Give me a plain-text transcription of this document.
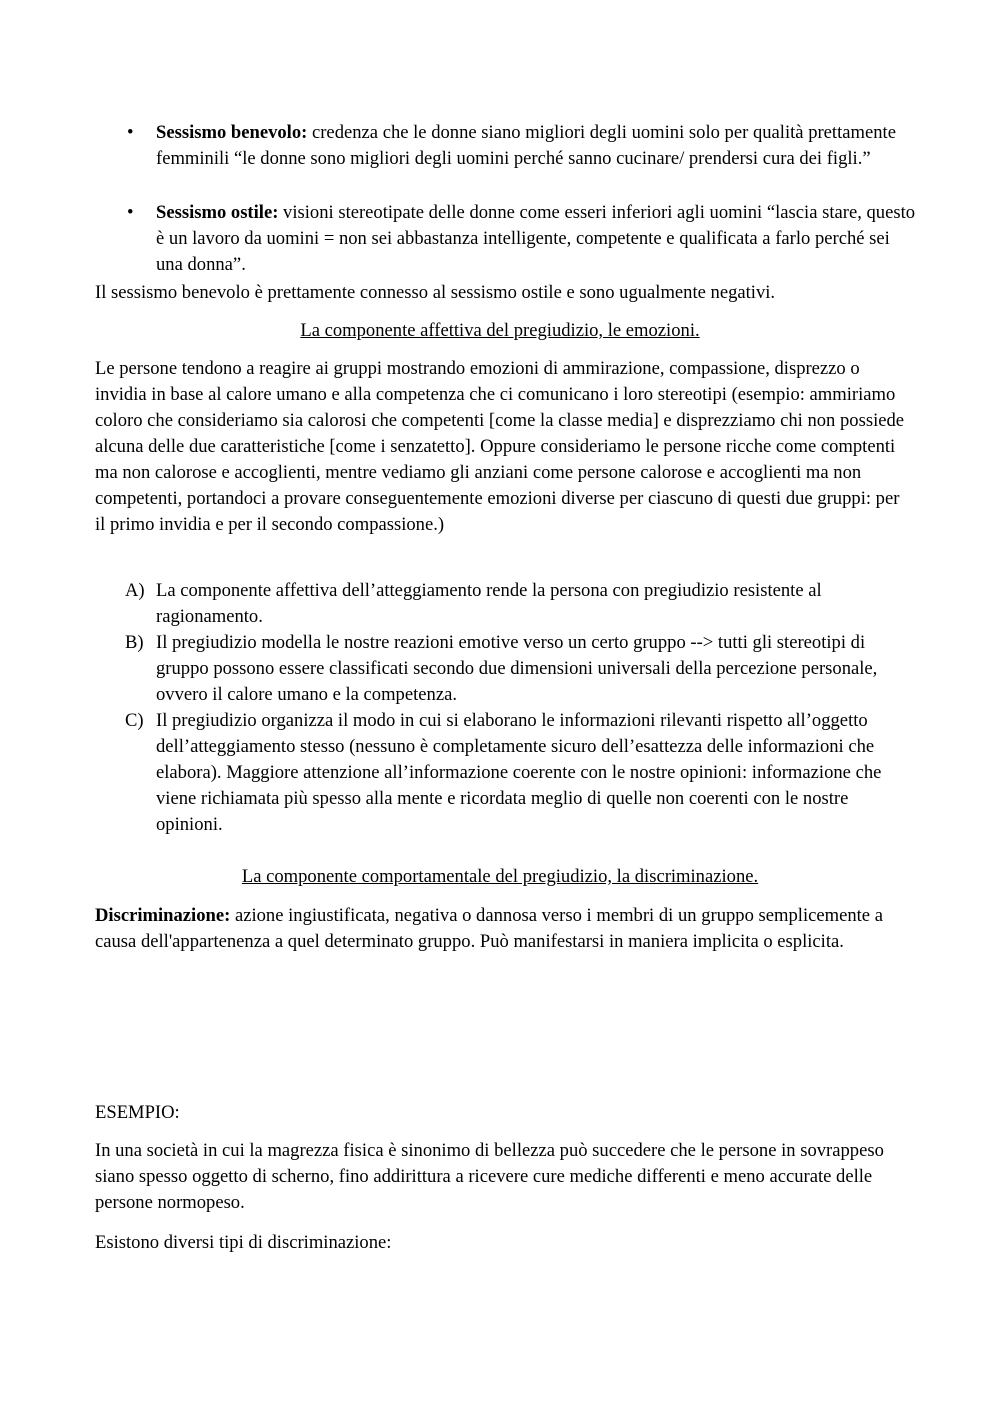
•	Sessismo benevolo: credenza che le donne siano migliori degli uomini solo per qualità prettamente femminili “le donne sono migliori degli uomini perché sanno cucinare/ prendersi cura dei figli.”

•	Sessismo ostile: visioni stereotipate delle donne come esseri inferiori agli uomini “lascia stare, questo è un lavoro da uomini = non sei abbastanza intelligente, competente e qualificata a farlo perché sei una donna”.

Il sessismo benevolo è prettamente connesso al sessismo ostile e sono ugualmente negativi.

La componente affettiva del pregiudizio, le emozioni.

Le persone tendono a reagire ai gruppi mostrando emozioni di ammirazione, compassione, disprezzo o invidia in base al calore umano e alla competenza che ci comunicano i loro stereotipi (esempio: ammiriamo coloro che consideriamo sia calorosi che competenti [come la classe media] e disprezziamo chi non possiede alcuna delle due caratteristiche [come i senzatetto]. Oppure consideriamo le persone ricche come comptenti ma non calorose e accoglienti, mentre vediamo gli anziani come persone calorose e accoglienti ma non competenti, portandoci a provare conseguentemente emozioni diverse per ciascuno di questi due gruppi: per il primo invidia e per il secondo compassione.)

A) La componente affettiva dell’atteggiamento rende la persona con pregiudizio resistente al ragionamento.

B) Il pregiudizio modella le nostre reazioni emotive verso un certo gruppo --> tutti gli stereotipi di gruppo possono essere classificati secondo due dimensioni universali della percezione personale, ovvero il calore umano e la competenza.

C) Il pregiudizio organizza il modo in cui si elaborano le informazioni rilevanti rispetto all’oggetto dell’atteggiamento stesso (nessuno è completamente sicuro dell’esattezza delle informazioni che elabora). Maggiore attenzione all’informazione coerente con le nostre opinioni: informazione che viene richiamata più spesso alla mente e ricordata meglio di quelle non coerenti con le nostre opinioni.

La componente comportamentale del pregiudizio, la discriminazione.

Discriminazione: azione ingiustificata, negativa o dannosa verso i membri di un gruppo semplicemente a causa dell'appartenenza a quel determinato gruppo. Può manifestarsi in maniera implicita o esplicita.

ESEMPIO:

In una società in cui la magrezza fisica è sinonimo di bellezza può succedere che le persone in sovrappeso siano spesso oggetto di scherno, fino addirittura a ricevere cure mediche differenti e meno accurate delle persone normopeso.

Esistono diversi tipi di discriminazione:
